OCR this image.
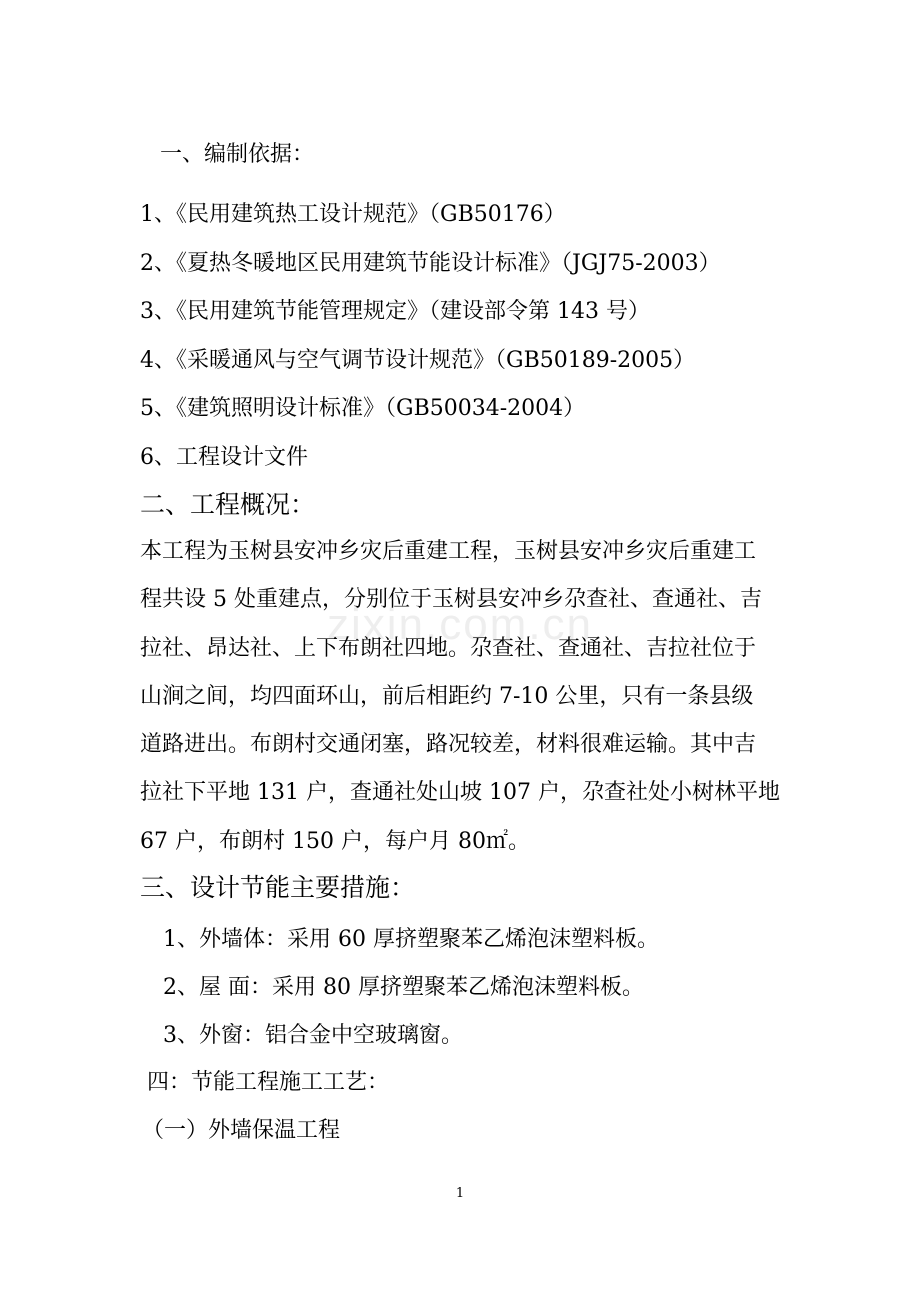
zixin.com.cn
一、编制依据：
1、《民用建筑热工设计规范》（GB50176）
2、《夏热冬暖地区民用建筑节能设计标准》（JGJ75-2003）
3、《民用建筑节能管理规定》（建设部令第 143 号）
4、《采暖通风与空气调节设计规范》（GB50189-2005）
5、《建筑照明设计标准》（GB50034-2004）
6、工程设计文件
二、工程概况：
本工程为玉树县安冲乡灾后重建工程，玉树县安冲乡灾后重建工
程共设 5 处重建点，分别位于玉树县安冲乡尕查社、查通社、吉
拉社、昂达社、上下布朗社四地。尕查社、查通社、吉拉社位于
山涧之间，均四面环山，前后相距约 7-10 公里，只有一条县级
道路进出。布朗村交通闭塞，路况较差，材料很难运输。其中吉
拉社下平地 131 户，查通社处山坡 107 户，尕查社处小树林平地
67 户，布朗村 150 户，每户月 80㎡。
三、设计节能主要措施：
1、外墙体：采用 60 厚挤塑聚苯乙烯泡沫塑料板。
2、屋 面：采用 80 厚挤塑聚苯乙烯泡沫塑料板。
3、外窗：铝合金中空玻璃窗。
四：节能工程施工工艺：
（一）外墙保温工程
1
